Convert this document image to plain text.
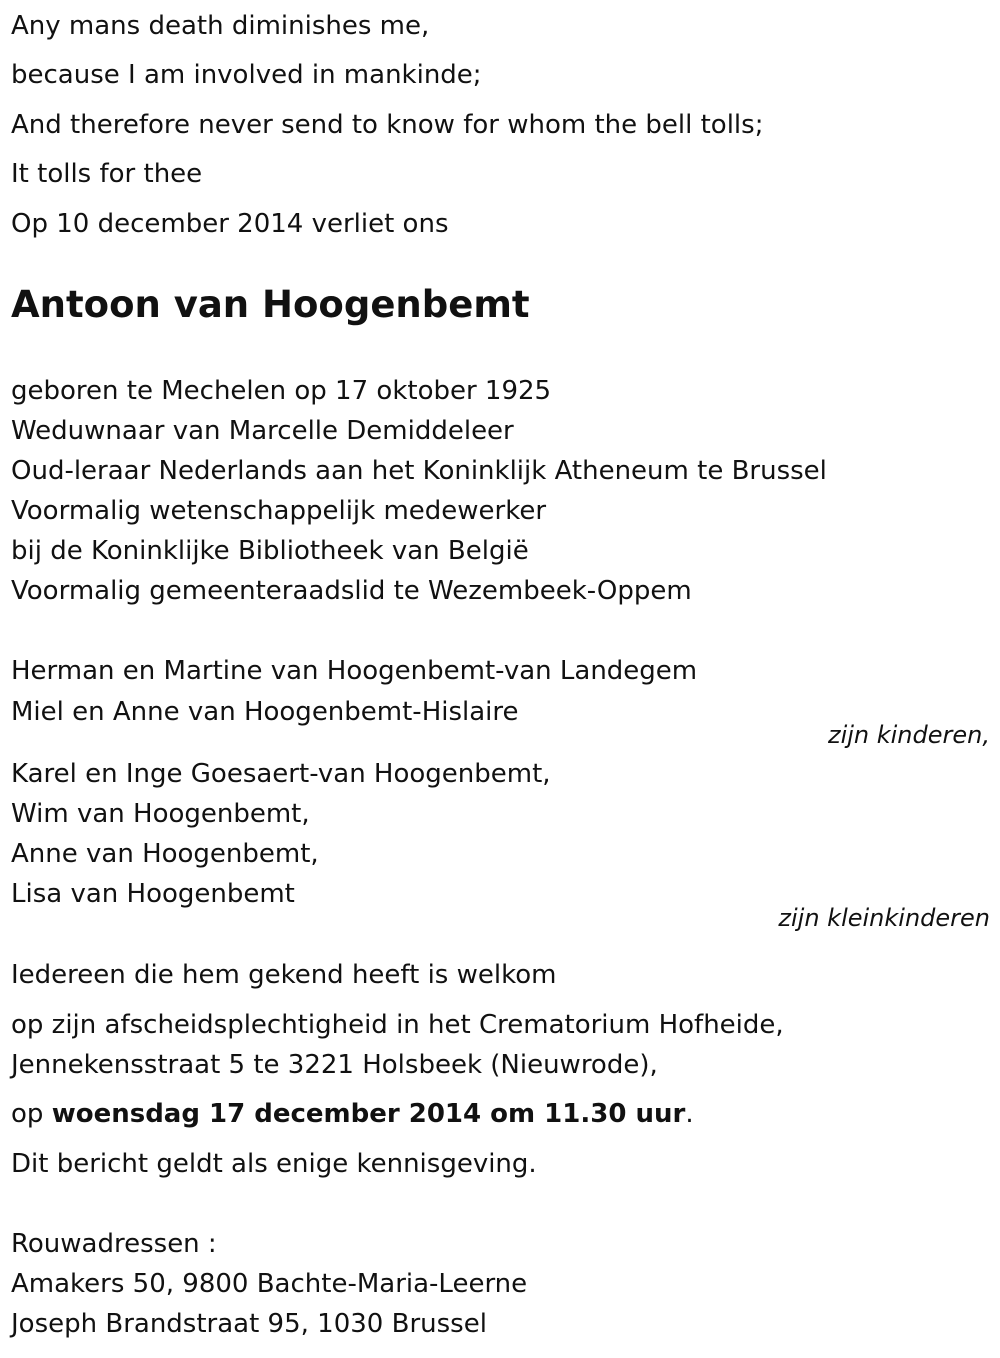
Any mans death diminishes me,
because I am involved in mankinde;
And therefore never send to know for whom the bell tolls;
It tolls for thee
Op 10 december 2014 verliet ons
Antoon van Hoogenbemt
geboren te Mechelen op 17 oktober 1925
Weduwnaar van Marcelle Demiddeleer
Oud-leraar Nederlands aan het Koninklijk Atheneum te Brussel
Voormalig wetenschappelijk medewerker
bij de Koninklijke Bibliotheek van België
Voormalig gemeenteraadslid te Wezembeek-Oppem
Herman en Martine van Hoogenbemt-van Landegem
Miel en Anne van Hoogenbemt-Hislaire
zijn kinderen,
Karel en Inge Goesaert-van Hoogenbemt,
Wim van Hoogenbemt,
Anne van Hoogenbemt,
Lisa van Hoogenbemt
zijn kleinkinderen
Iedereen die hem gekend heeft is welkom
op zijn afscheidsplechtigheid in het Crematorium Hofheide,
Jennekensstraat 5 te 3221 Holsbeek (Nieuwrode),
op woensdag 17 december 2014 om 11.30 uur.
Dit bericht geldt als enige kennisgeving.
Rouwadressen :
Amakers 50, 9800 Bachte-Maria-Leerne
Joseph Brandstraat 95, 1030 Brussel
